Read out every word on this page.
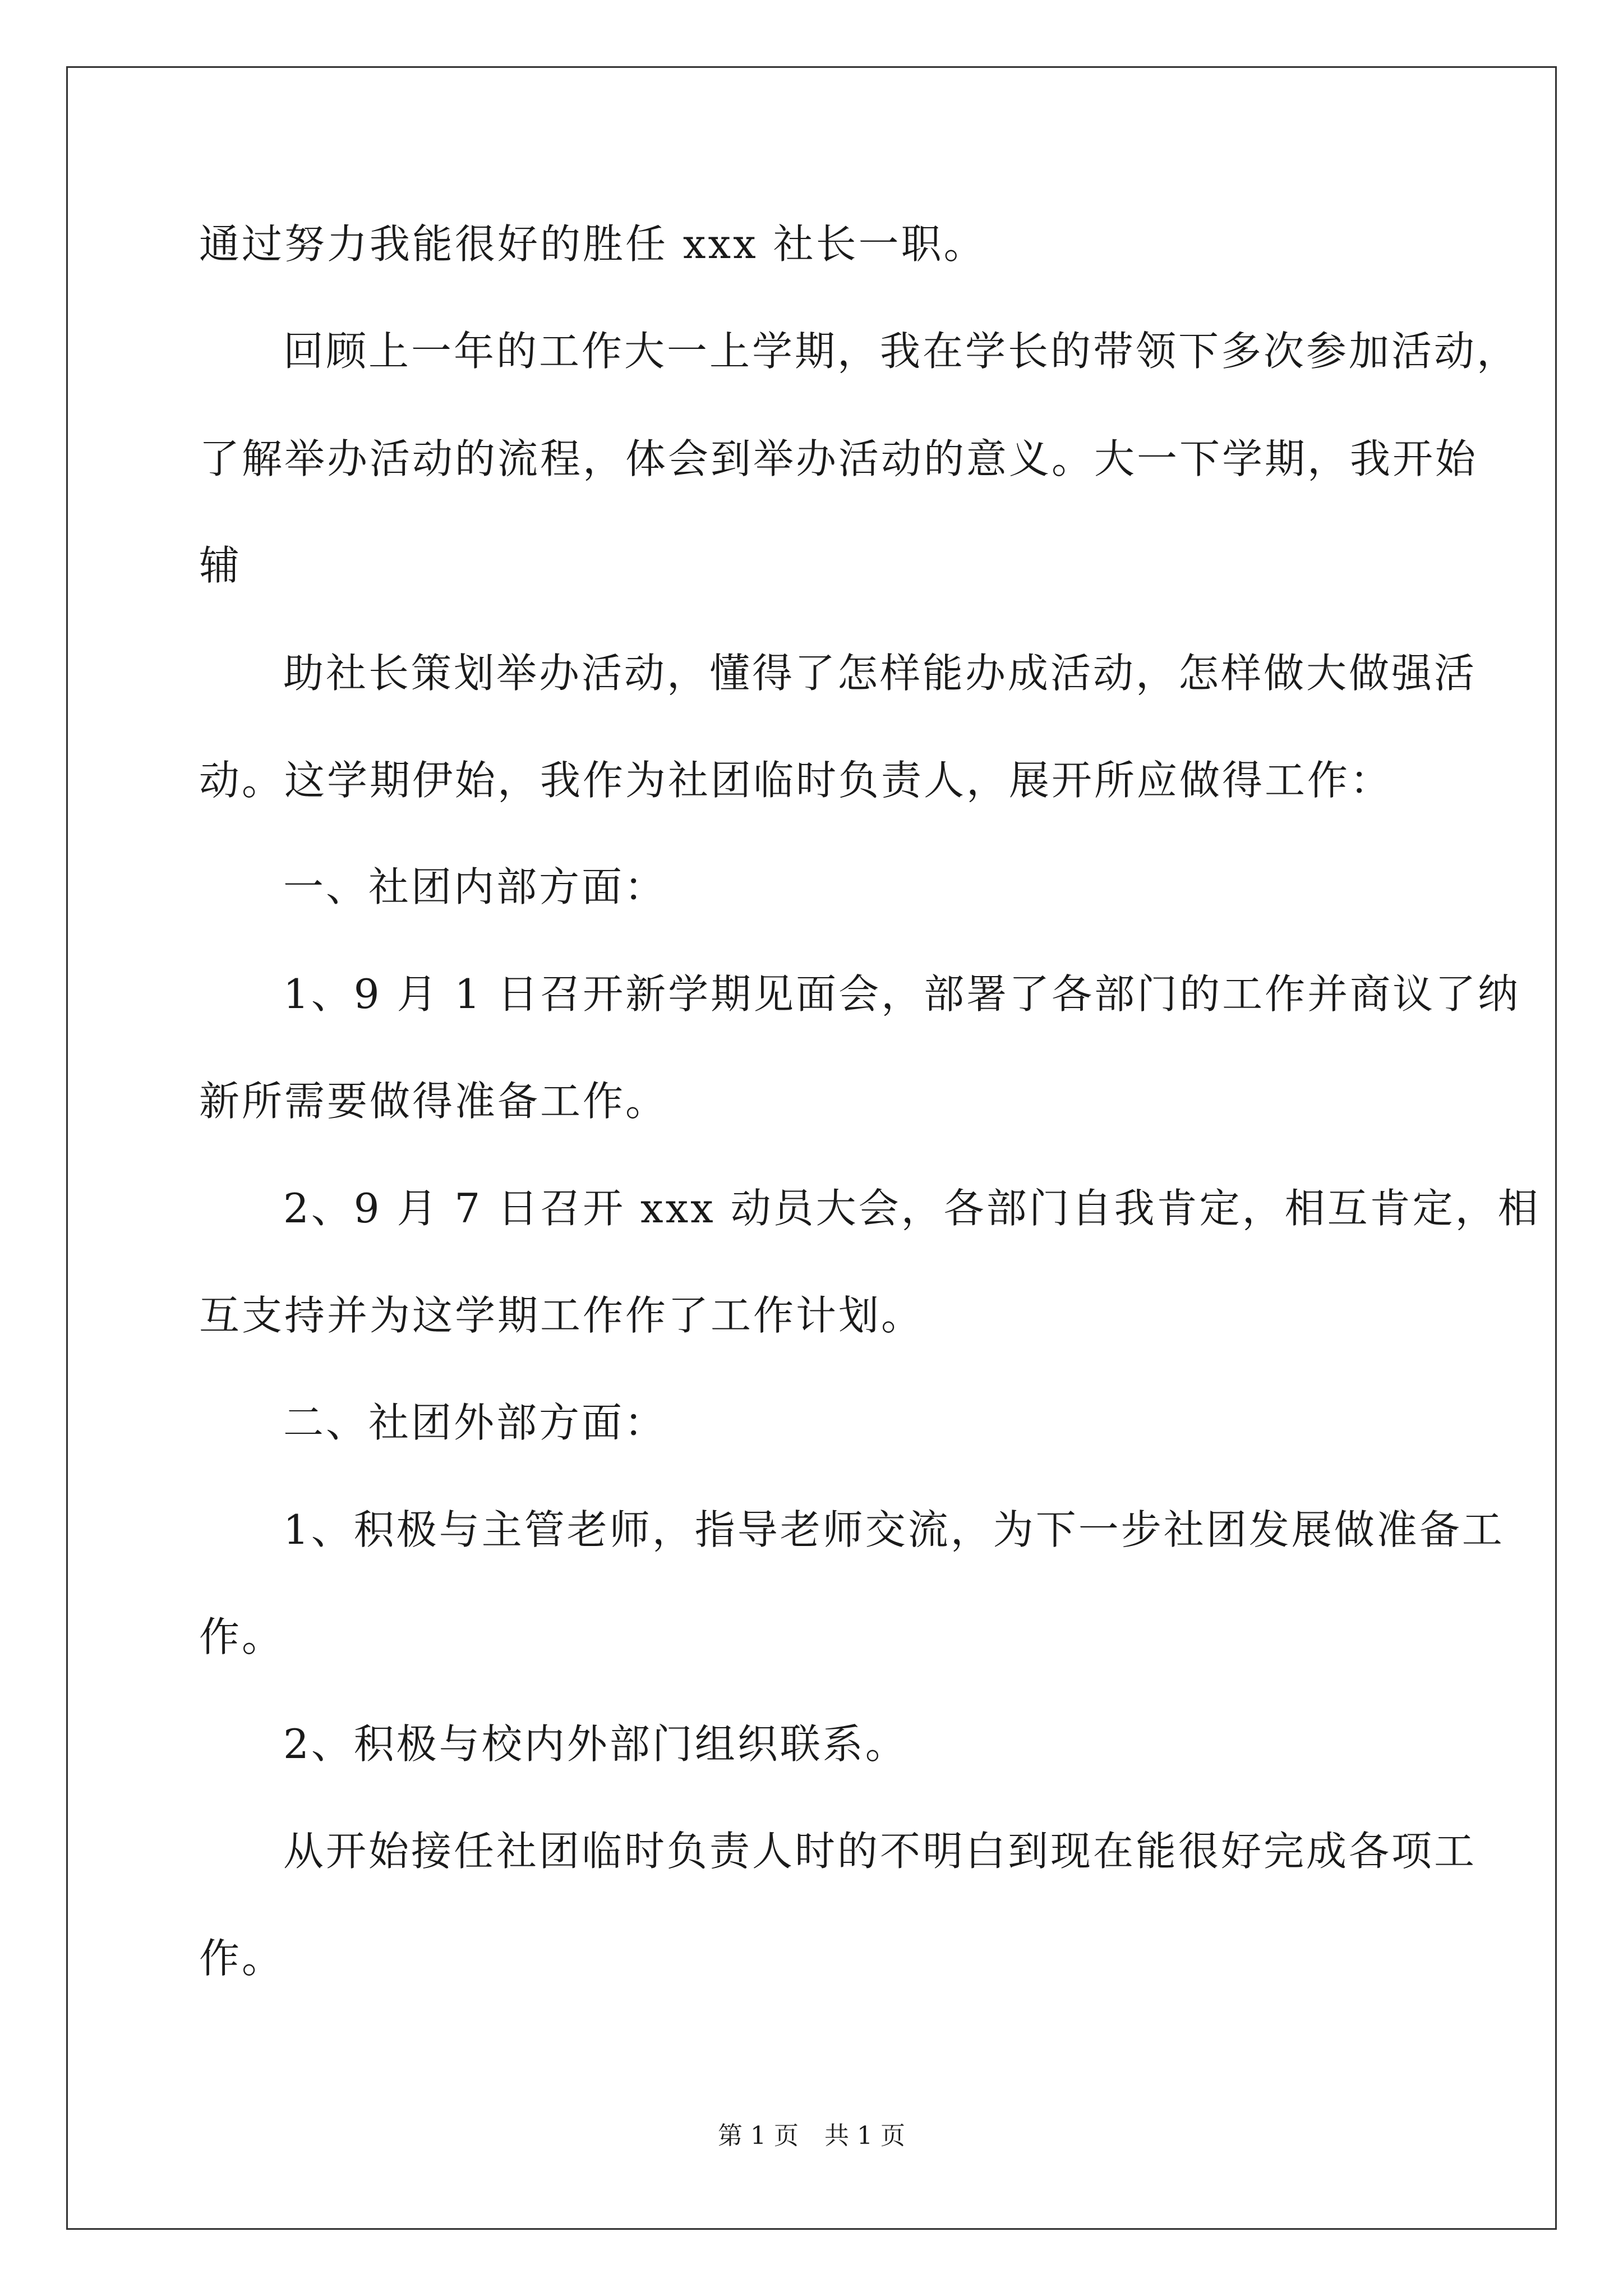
通过努力我能很好的胜任 xxx 社长一职。

回顾上一年的工作大一上学期，我在学长的带领下多次参加活动，

了解举办活动的流程，体会到举办活动的意义。大一下学期，我开始

辅

助社长策划举办活动，懂得了怎样能办成活动，怎样做大做强活

动。这学期伊始，我作为社团临时负责人，展开所应做得工作：

一、社团内部方面：

1、9 月 1 日召开新学期见面会，部署了各部门的工作并商议了纳

新所需要做得准备工作。

2、9 月 7 日召开 xxx 动员大会，各部门自我肯定，相互肯定，相

互支持并为这学期工作作了工作计划。

二、社团外部方面：

1、积极与主管老师，指导老师交流，为下一步社团发展做准备工

作。

2、积极与校内外部门组织联系。

从开始接任社团临时负责人时的不明白到现在能很好完成各项工

作。

第 1 页 共 1 页
